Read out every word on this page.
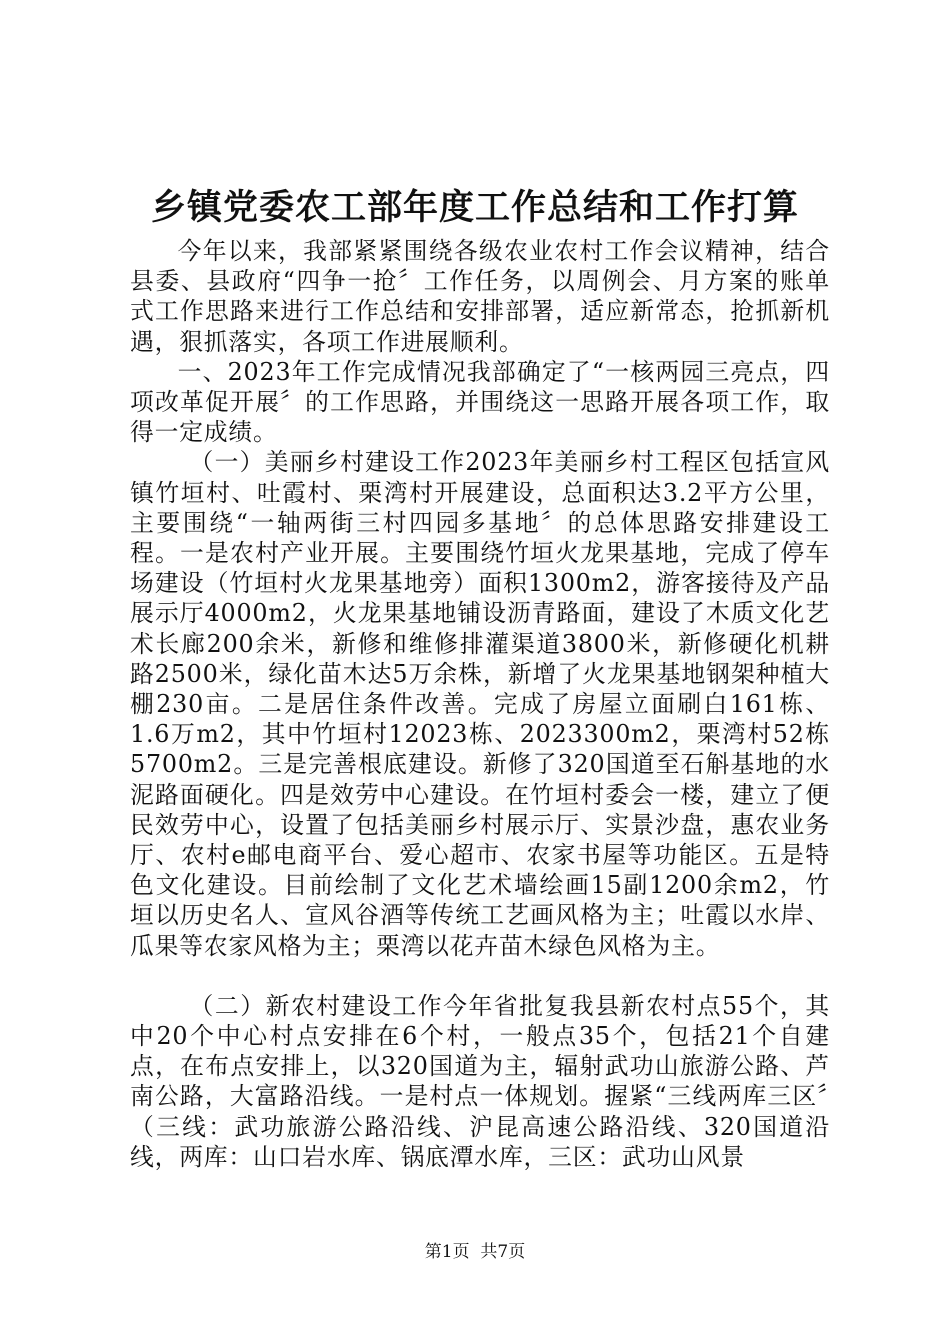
乡镇党委农工部年度工作总结和工作打算

今年以来，我部紧紧围绕各级农业农村工作会议精神，结合县委、县政府“四争一抢〞工作任务，以周例会、月方案的账单式工作思路来进行工作总结和安排部署，适应新常态，抢抓新机遇，狠抓落实，各项工作进展顺利。

一、2023年工作完成情况我部确定了“一核两园三亮点，四项改革促开展〞的工作思路，并围绕这一思路开展各项工作，取得一定成绩。

（一）美丽乡村建设工作2023年美丽乡村工程区包括宣风镇竹垣村、吐霞村、栗湾村开展建设，总面积达3.2平方公里，主要围绕“一轴两街三村四园多基地〞的总体思路安排建设工程。一是农村产业开展。主要围绕竹垣火龙果基地，完成了停车场建设（竹垣村火龙果基地旁）面积1300m2，游客接待及产品展示厅4000m2，火龙果基地铺设沥青路面，建设了木质文化艺术长廊200余米，新修和维修排灌渠道3800米，新修硬化机耕路2500米，绿化苗木达5万余株，新增了火龙果基地钢架种植大棚230亩。二是居住条件改善。完成了房屋立面刷白161栋、1.6万m2，其中竹垣村12023栋、2023300m2，栗湾村52栋5700m2。三是完善根底建设。新修了320国道至石斛基地的水泥路面硬化。四是效劳中心建设。在竹垣村委会一楼，建立了便民效劳中心，设置了包括美丽乡村展示厅、实景沙盘，惠农业务厅、农村e邮电商平台、爱心超市、农家书屋等功能区。五是特色文化建设。目前绘制了文化艺术墙绘画15副1200余m2，竹垣以历史名人、宣风谷酒等传统工艺画风格为主；吐霞以水岸、瓜果等农家风格为主；栗湾以花卉苗木绿色风格为主。

（二）新农村建设工作今年省批复我县新农村点55个，其中20个中心村点安排在6个村，一般点35个，包括21个自建点，在布点安排上，以320国道为主，辐射武功山旅游公路、芦南公路，大富路沿线。一是村点一体规划。握紧“三线两库三区〞（三线：武功旅游公路沿线、沪昆高速公路沿线、320国道沿线，两库：山口岩水库、锅底潭水库，三区：武功山风景

第1页 共7页
